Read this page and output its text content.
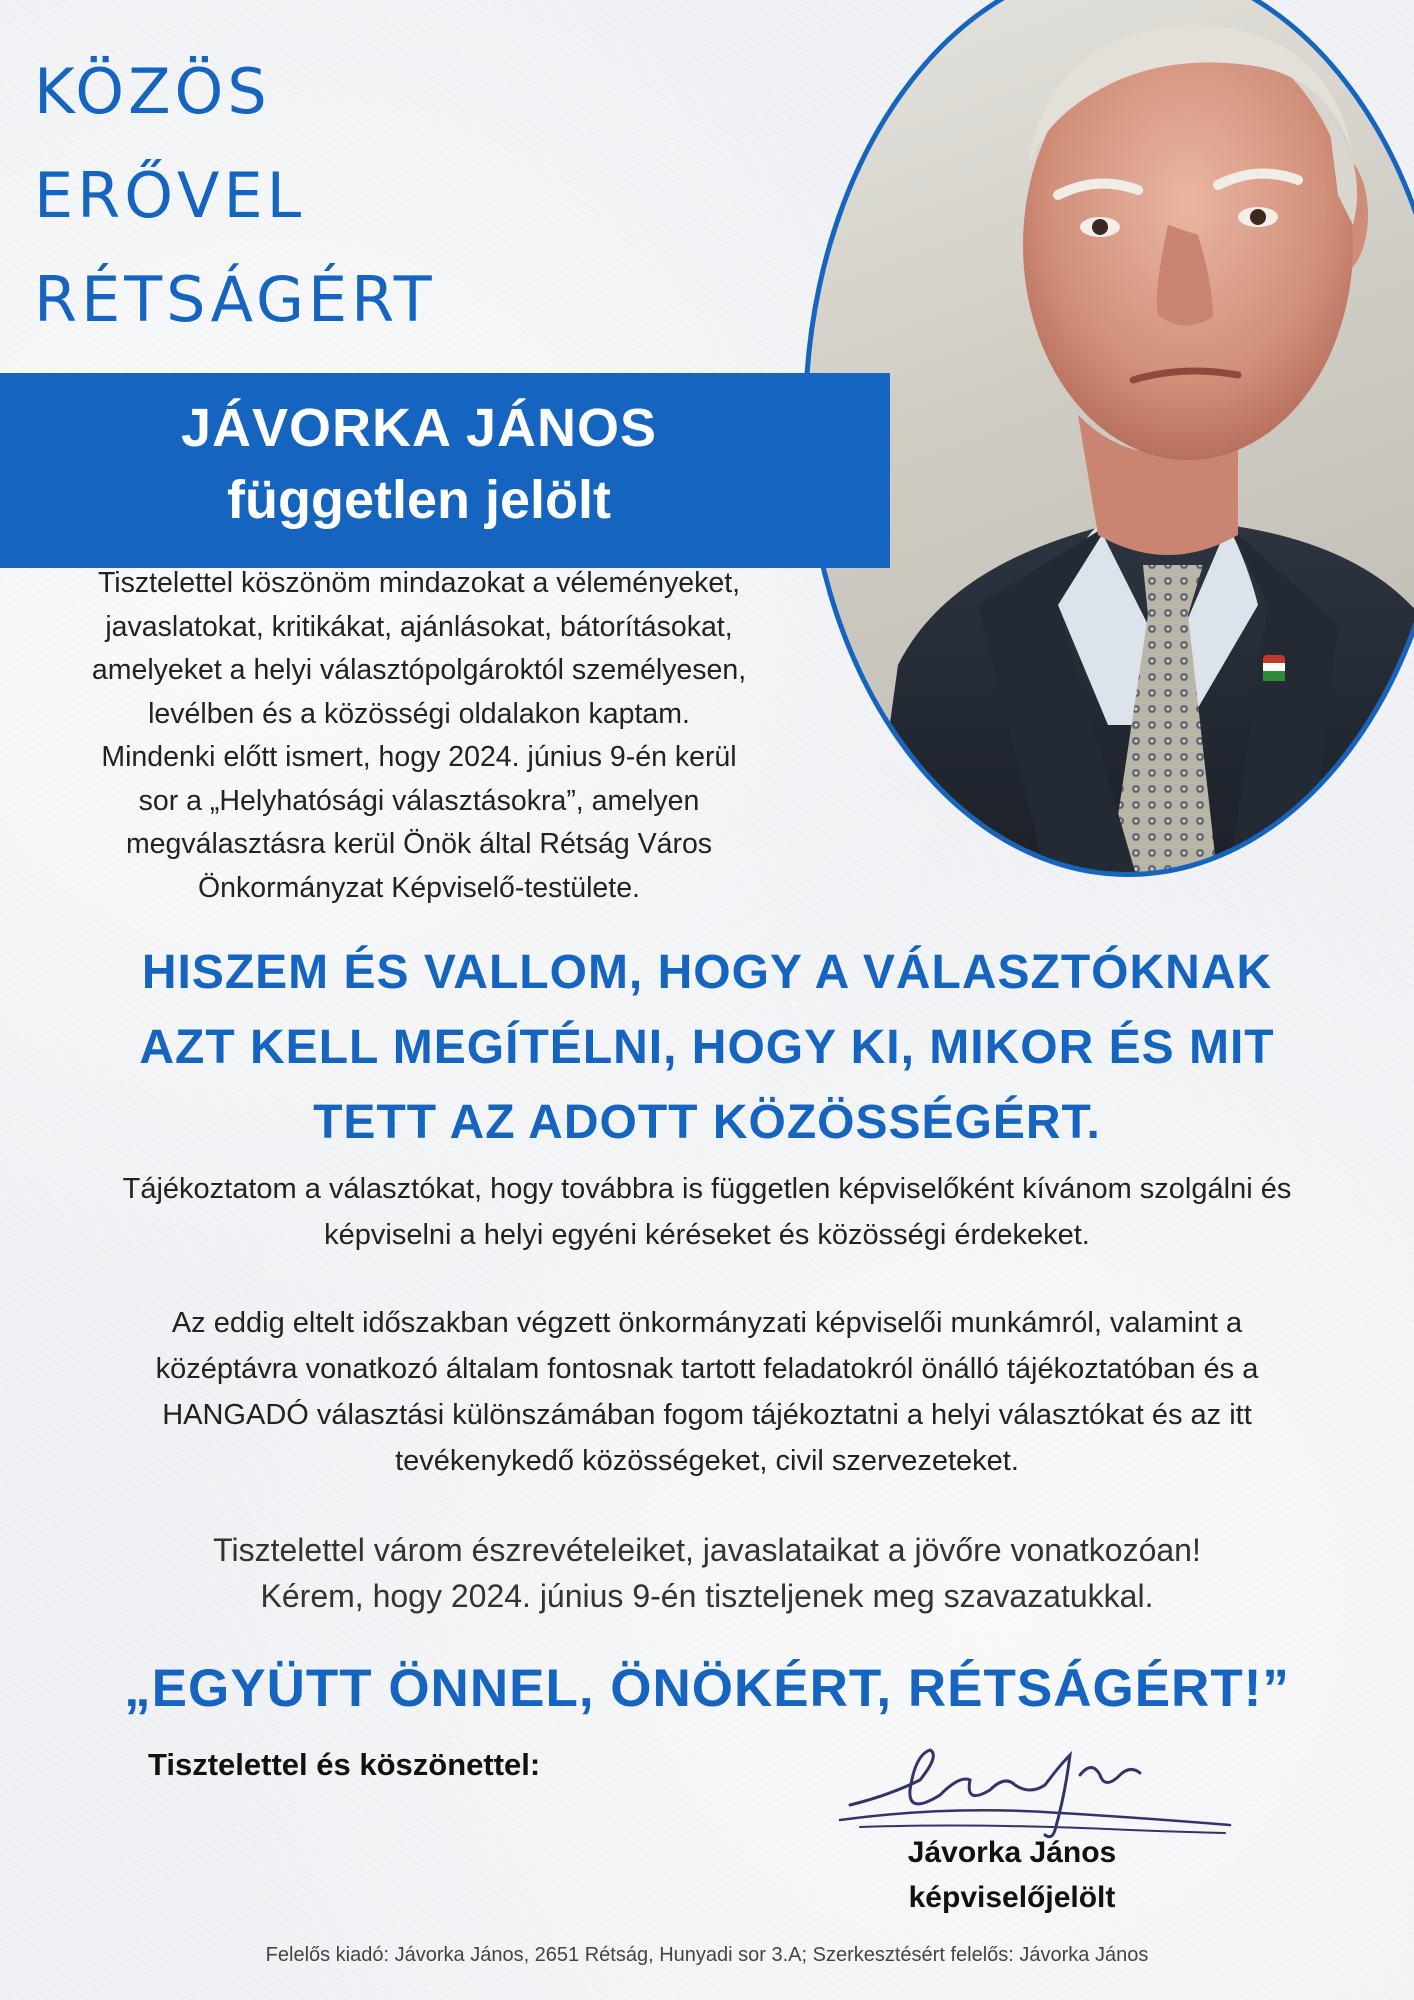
KÖZÖS
ERŐVEL
RÉTSÁGÉRT
JÁVORKA JÁNOS
független jelölt
Tisztelettel köszönöm mindazokat a véleményeket,
javaslatokat, kritikákat, ajánlásokat, bátorításokat,
amelyeket a helyi választópolgároktól személyesen,
levélben és a közösségi oldalakon kaptam.
Mindenki előtt ismert, hogy 2024. június 9-én kerül
sor a „Helyhatósági választásokra”, amelyen
megválasztásra kerül Önök által Rétság Város
Önkormányzat Képviselő-testülete.
HISZEM ÉS VALLOM, HOGY A VÁLASZTÓKNAK
AZT KELL MEGÍTÉLNI, HOGY KI, MIKOR ÉS MIT
TETT AZ ADOTT KÖZÖSSÉGÉRT.
Tájékoztatom a választókat, hogy továbbra is független képviselőként kívánom szolgálni és
képviselni a helyi egyéni kéréseket és közösségi érdekeket.
Az eddig eltelt időszakban végzett önkormányzati képviselői munkámról, valamint a
középtávra vonatkozó általam fontosnak tartott feladatokról önálló tájékoztatóban és a
HANGADÓ választási különszámában fogom tájékoztatni a helyi választókat és az itt
tevékenykedő közösségeket, civil szervezeteket.
Tisztelettel várom észrevételeiket, javaslataikat a jövőre vonatkozóan!
Kérem, hogy 2024. június 9-én tiszteljenek meg szavazatukkal.
„EGYÜTT ÖNNEL, ÖNÖKÉRT, RÉTSÁGÉRT!”
Tisztelettel és köszönettel:
Jávorka János
képviselőjelölt
Felelős kiadó: Jávorka János, 2651 Rétság, Hunyadi sor 3.A; Szerkesztésért felelős: Jávorka János
